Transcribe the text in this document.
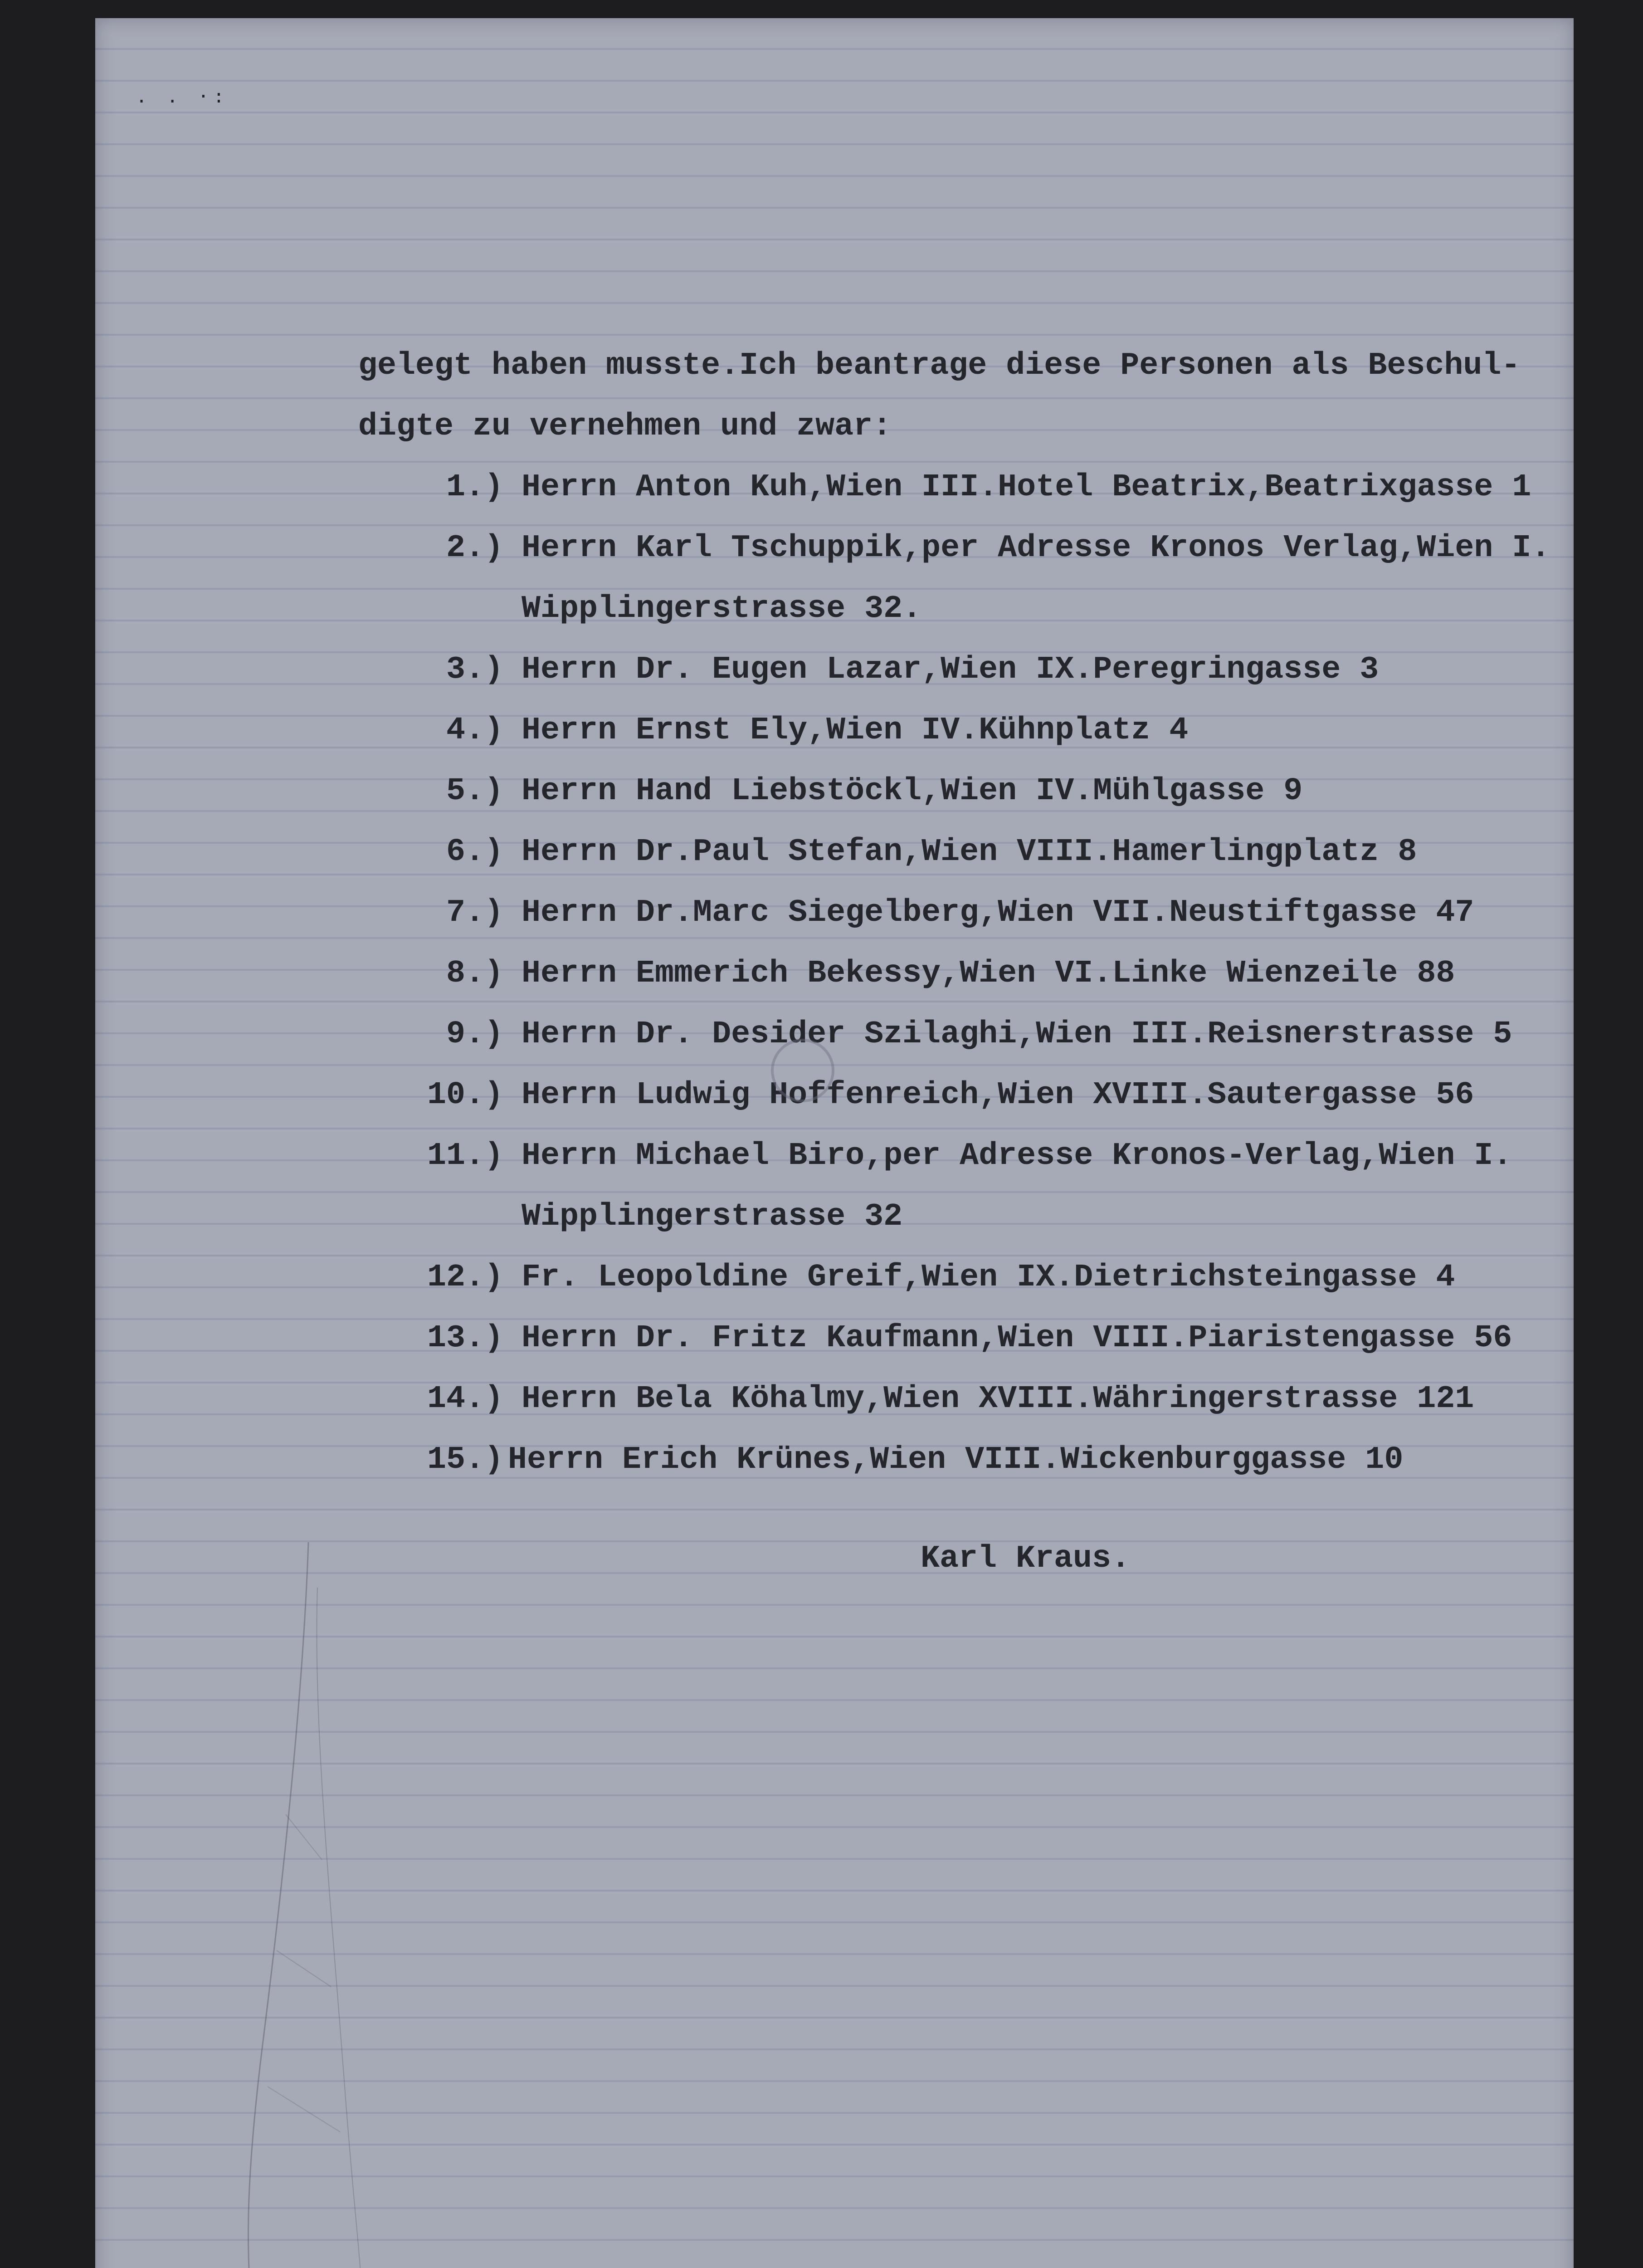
. . ·:

gelegt haben musste.Ich beantrage diese Personen als Beschul-

digte zu vernehmen und zwar:

1.)

Herrn Anton Kuh,Wien III.Hotel Beatrix,Beatrixgasse 1

2.)

Herrn Karl Tschuppik,per Adresse Kronos Verlag,Wien I.

Wipplingerstrasse 32.

3.)

Herrn Dr. Eugen Lazar,Wien IX.Peregringasse 3

4.)

Herrn Ernst Ely,Wien IV.Kühnplatz 4

5.)

Herrn Hand Liebstöckl,Wien IV.Mühlgasse 9

6.)

Herrn Dr.Paul Stefan,Wien VIII.Hamerlingplatz 8

7.)

Herrn Dr.Marc Siegelberg,Wien VII.Neustiftgasse 47

8.)

Herrn Emmerich Bekessy,Wien VI.Linke Wienzeile 88

9.)

Herrn Dr. Desider Szilaghi,Wien III.Reisnerstrasse 5

10.)

Herrn Ludwig Hoffenreich,Wien XVIII.Sautergasse 56

11.)

Herrn Michael Biro,per Adresse Kronos-Verlag,Wien I.

Wipplingerstrasse 32

12.)

Fr. Leopoldine Greif,Wien IX.Dietrichsteingasse 4

13.)

Herrn Dr. Fritz Kaufmann,Wien VIII.Piaristengasse 56

14.)

Herrn Bela Köhalmy,Wien XVIII.Währingerstrasse 121

15.)

Herrn Erich Krünes,Wien VIII.Wickenburggasse 10

Karl Kraus.
